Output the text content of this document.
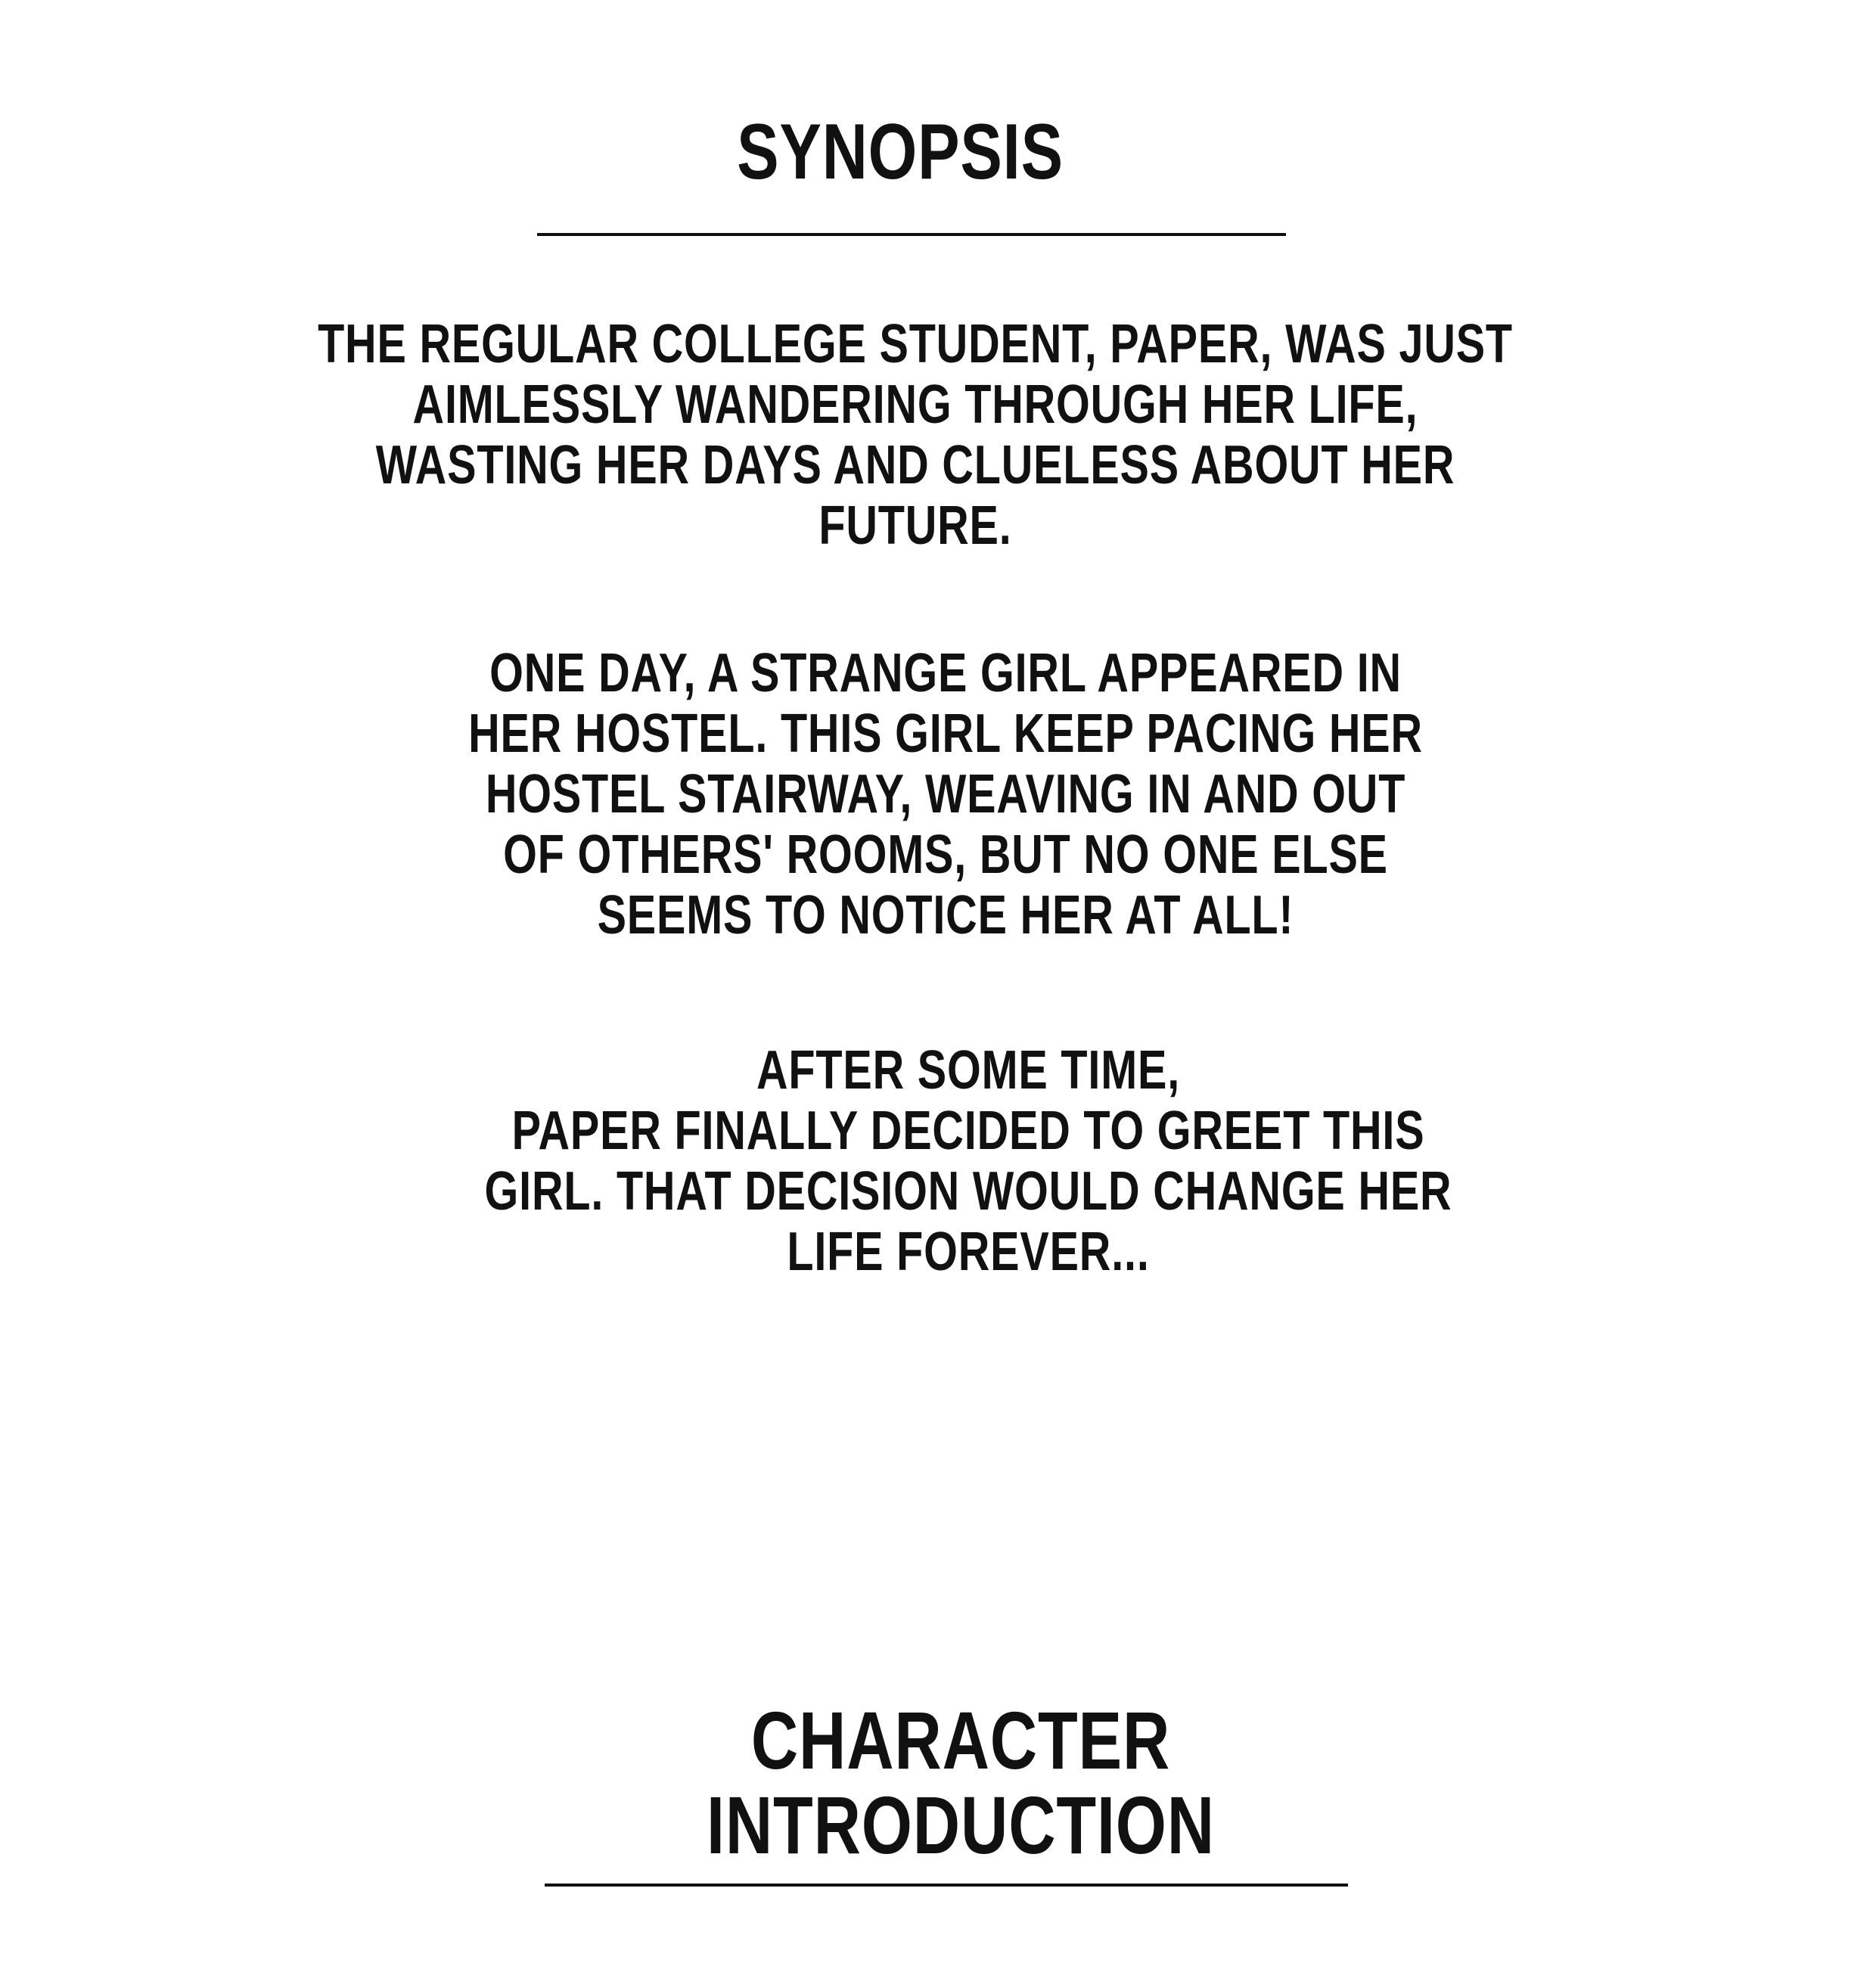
SYNOPSIS
THE REGULAR COLLEGE STUDENT, PAPER, WAS JUST
AIMLESSLY WANDERING THROUGH HER LIFE,
WASTING HER DAYS AND CLUELESS ABOUT HER
FUTURE.
ONE DAY, A STRANGE GIRL APPEARED IN
HER HOSTEL. THIS GIRL KEEP PACING HER
HOSTEL STAIRWAY, WEAVING IN AND OUT
OF OTHERS' ROOMS, BUT NO ONE ELSE
SEEMS TO NOTICE HER AT ALL!
AFTER SOME TIME,
PAPER FINALLY DECIDED TO GREET THIS
GIRL. THAT DECISION WOULD CHANGE HER
LIFE FOREVER...
CHARACTER
INTRODUCTION
